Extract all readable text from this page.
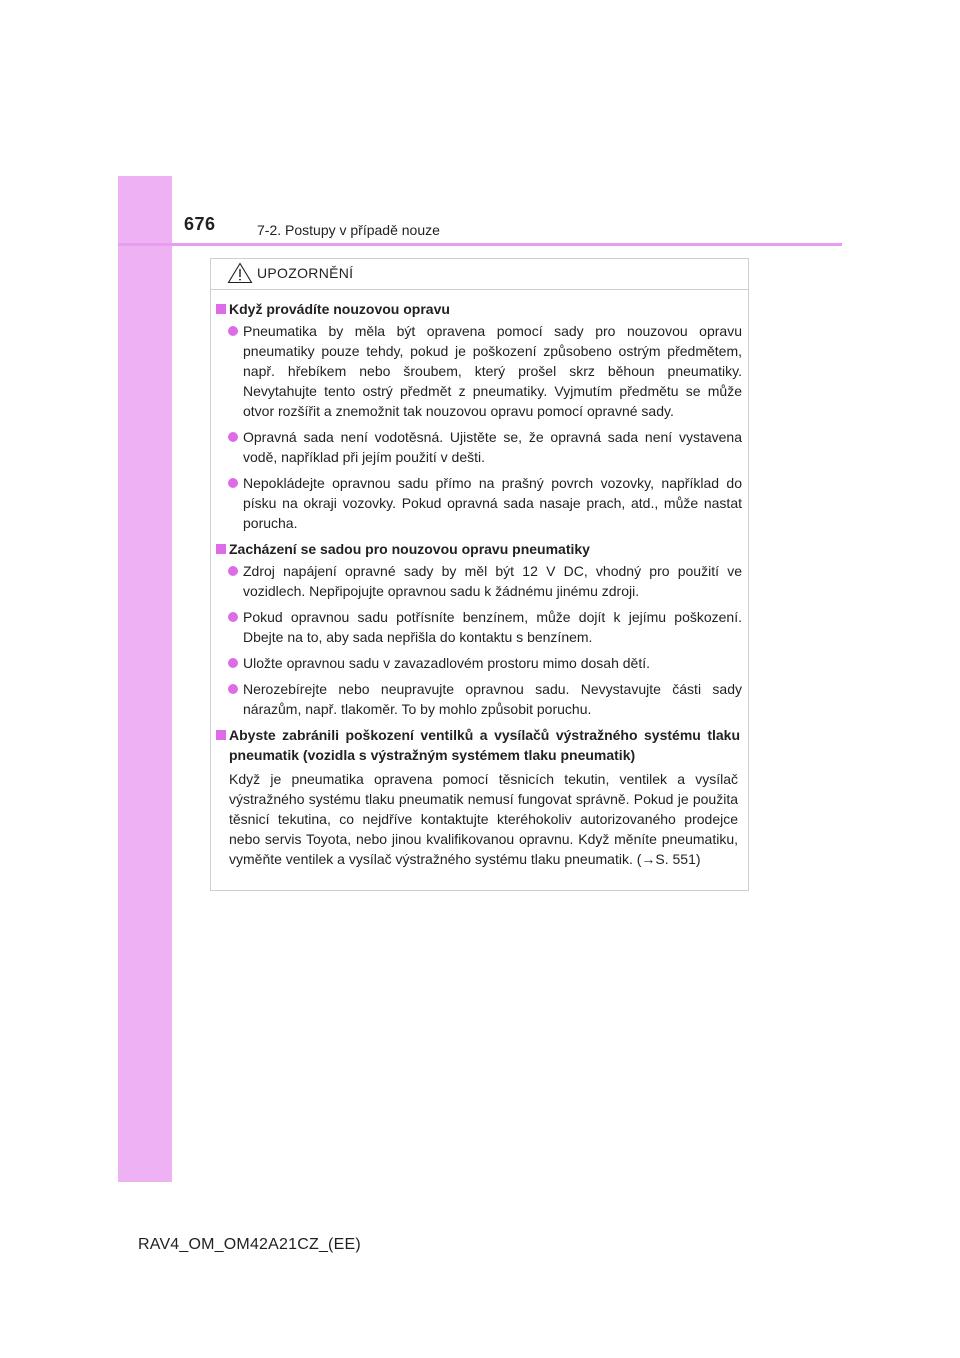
676	7-2. Postupy v případě nouze
UPOZORNĚNÍ
Když provádíte nouzovou opravu
Pneumatika by měla být opravena pomocí sady pro nouzovou opravu pneumatiky pouze tehdy, pokud je poškození způsobeno ostrým předmětem, např. hřebíkem nebo šroubem, který prošel skrz běhoun pneumatiky. Nevytahujte tento ostrý předmět z pneumatiky. Vyjmutím předmětu se může otvor rozšířit a znemožnit tak nouzovou opravu pomocí opravné sady.
Opravná sada není vodotěsná. Ujistěte se, že opravná sada není vystavena vodě, například při jejím použití v dešti.
Nepokládejte opravnou sadu přímo na prašný povrch vozovky, například do písku na okraji vozovky. Pokud opravná sada nasaje prach, atd., může nastat porucha.
Zacházení se sadou pro nouzovou opravu pneumatiky
Zdroj napájení opravné sady by měl být 12 V DC, vhodný pro použití ve vozidlech. Nepřipojujte opravnou sadu k žádnému jinému zdroji.
Pokud opravnou sadu potřísníte benzínem, může dojít k jejímu poškození. Dbejte na to, aby sada nepřišla do kontaktu s benzínem.
Uložte opravnou sadu v zavazadlovém prostoru mimo dosah dětí.
Nerozebírejte nebo neupravujte opravnou sadu. Nevystavujte části sady nárazům, např. tlakoměr. To by mohlo způsobit poruchu.
Abyste zabránili poškození ventilků a vysílačů výstražného systému tlaku pneumatik (vozidla s výstražným systémem tlaku pneumatik)
Když je pneumatika opravena pomocí těsnicích tekutin, ventilek a vysílač výstražného systému tlaku pneumatik nemusí fungovat správně. Pokud je použita těsnicí tekutina, co nejdříve kontaktujte kteréhokoliv autorizovaného prodejce nebo servis Toyota, nebo jinou kvalifikovanou opravnu. Když měníte pneumatiku, vyměňte ventilek a vysílač výstražného systému tlaku pneumatik. (→S. 551)
RAV4_OM_OM42A21CZ_(EE)
